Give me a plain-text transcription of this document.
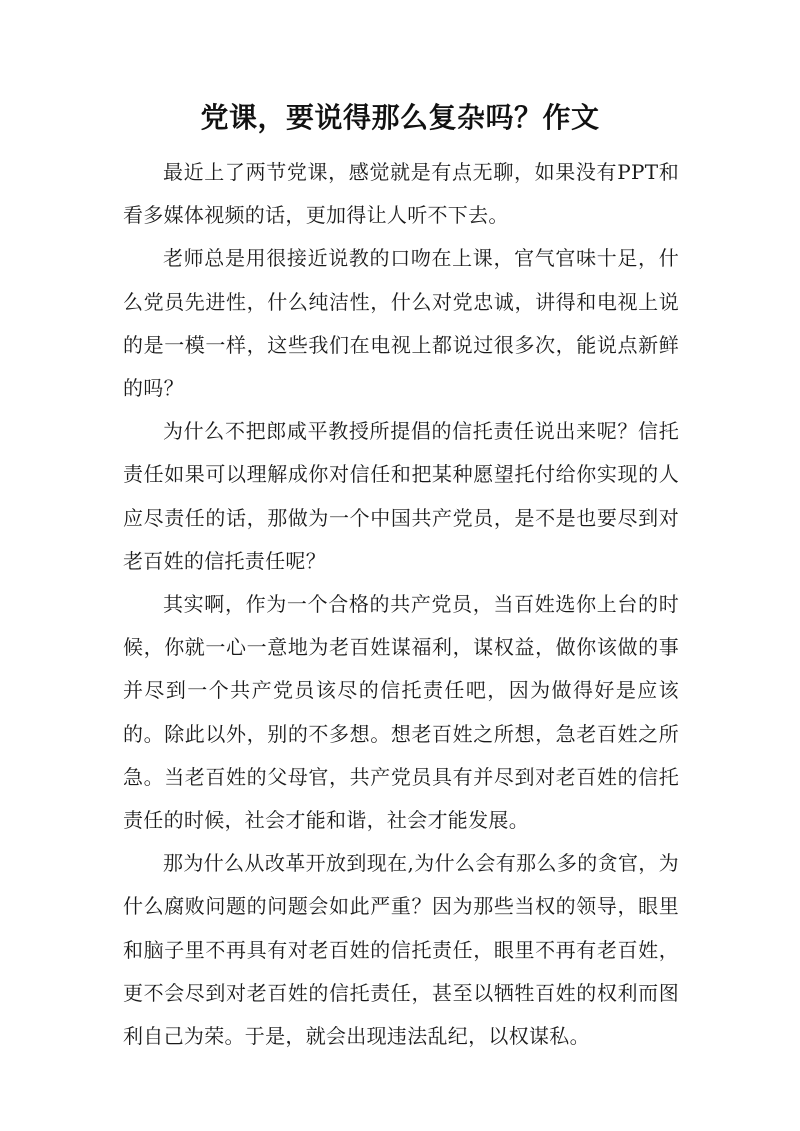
党课，要说得那么复杂吗？作文

最近上了两节党课，感觉就是有点无聊，如果没有PPT和看多媒体视频的话，更加得让人听不下去。

老师总是用很接近说教的口吻在上课，官气官味十足，什么党员先进性，什么纯洁性，什么对党忠诚，讲得和电视上说的是一模一样，这些我们在电视上都说过很多次，能说点新鲜的吗？

为什么不把郎咸平教授所提倡的信托责任说出来呢？信托责任如果可以理解成你对信任和把某种愿望托付给你实现的人应尽责任的话，那做为一个中国共产党员，是不是也要尽到对老百姓的信托责任呢？

其实啊，作为一个合格的共产党员，当百姓选你上台的时候，你就一心一意地为老百姓谋福利，谋权益，做你该做的事并尽到一个共产党员该尽的信托责任吧，因为做得好是应该的。除此以外，别的不多想。想老百姓之所想，急老百姓之所急。当老百姓的父母官，共产党员具有并尽到对老百姓的信托责任的时候，社会才能和谐，社会才能发展。

那为什么从改革开放到现在,为什么会有那么多的贪官，为什么腐败问题的问题会如此严重？因为那些当权的领导，眼里和脑子里不再具有对老百姓的信托责任，眼里不再有老百姓，更不会尽到对老百姓的信托责任，甚至以牺牲百姓的权利而图利自己为荣。于是，就会出现违法乱纪，以权谋私。
